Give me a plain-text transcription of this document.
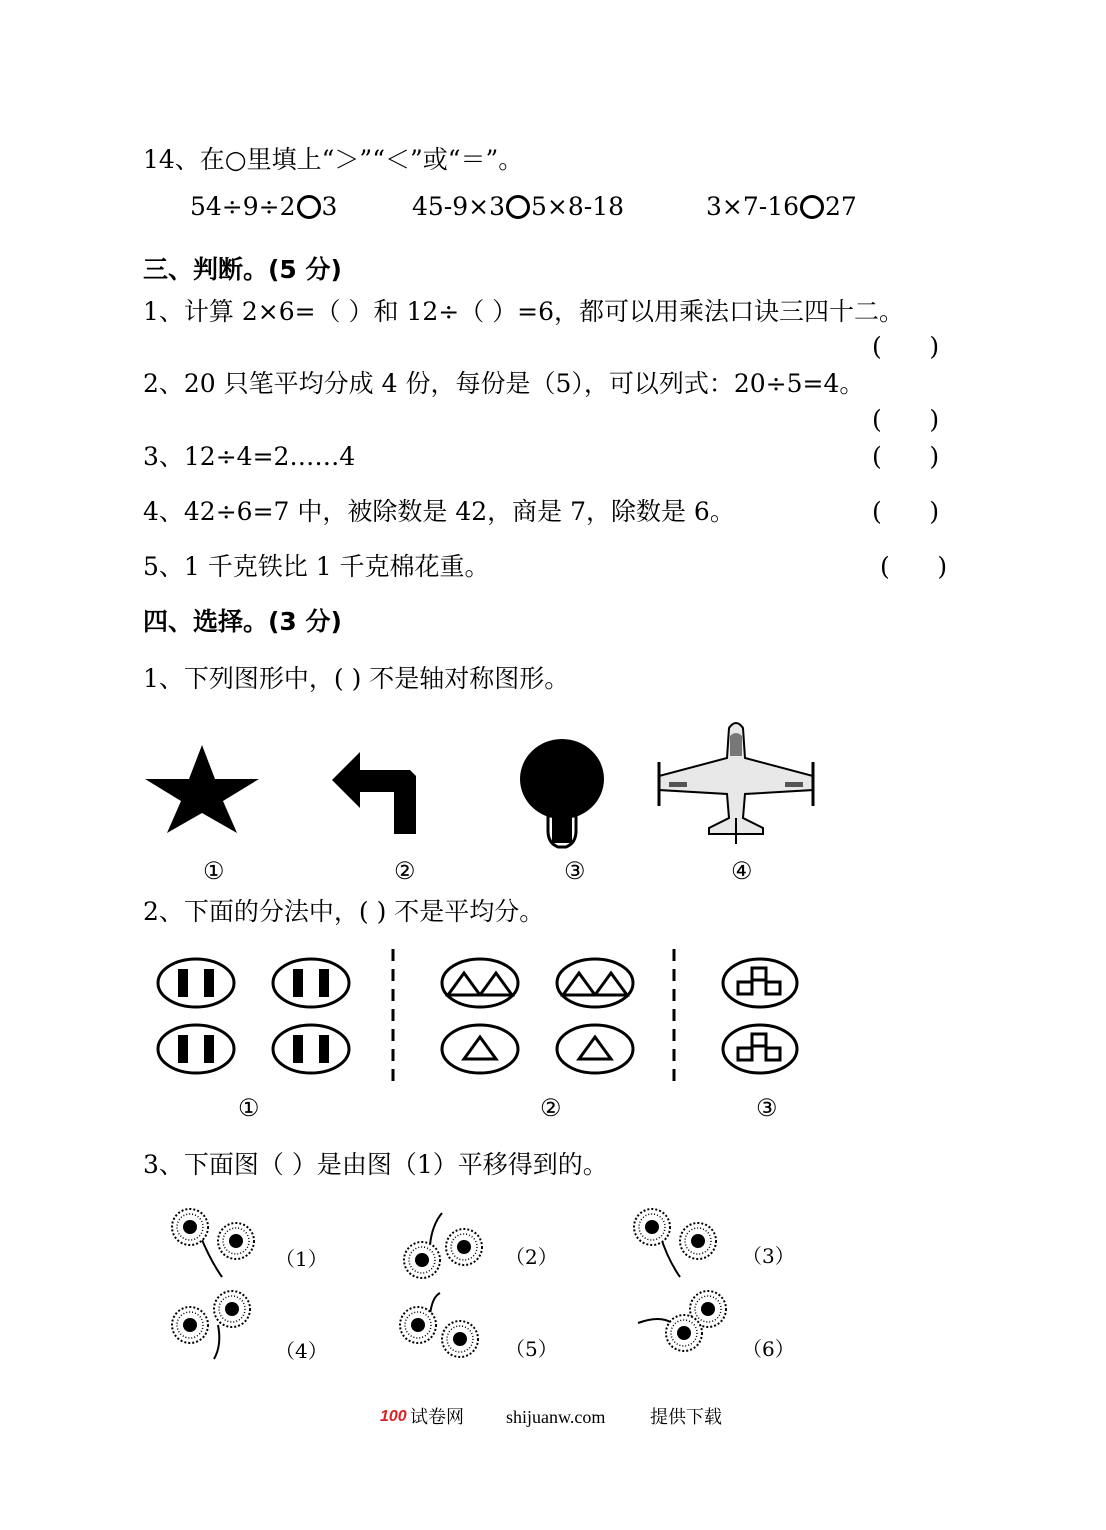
14、在○里填上“＞”“＜”或“＝”。
54÷9÷2 3	45-9×3 5×8-18	3×7-16 27
三、判断。(5 分)
1、计算 2×6=（ ）和 12÷（ ）=6，都可以用乘法口诀三四十二。
(      )
2、20 只笔平均分成 4 份，每份是（5），可以列式：20÷5=4。
(      )
3、12÷4=2……4	(      )
4、42÷6=7 中，被除数是 42，商是 7，除数是 6。	(      )
5、1 千克铁比 1 千克棉花重。	(      )
四、选择。(3 分)
1、下列图形中，( ) 不是轴对称图形。
①	②	③	④
2、下面的分法中，( ) 不是平均分。
①	②	③
3、下面图（ ）是由图（1）平移得到的。
（1）	（2）	（3）
（4）	（5）	（6）
100 试卷网 shijuanw.com 提供下载
